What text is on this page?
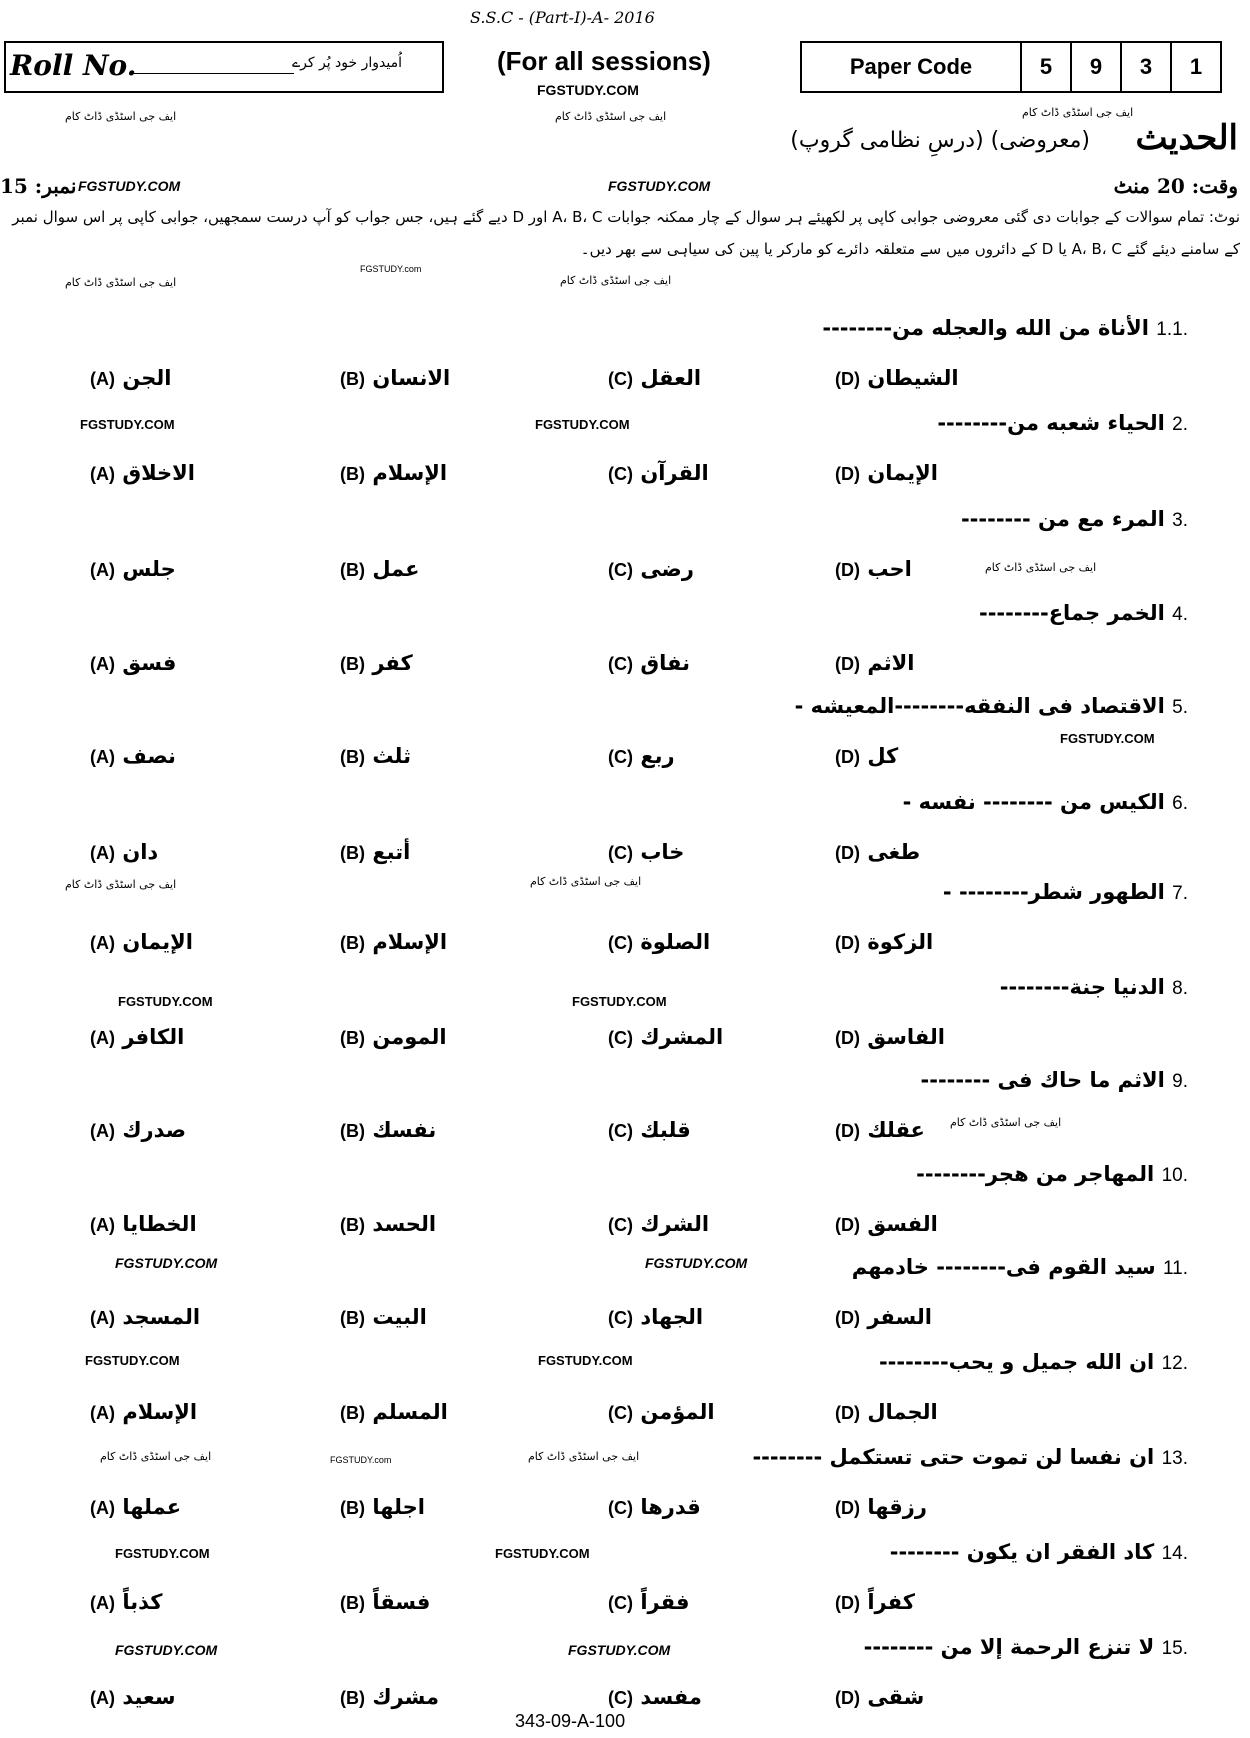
S.S.C - (Part-I)-A- 2016
Roll No.	اُمیدوار خود پُر کرے	(For all sessions)
FGSTUDY.COM
Paper Code	5	9	3	1
ایف جی اسٹڈی ڈاٹ کام	ایف جی اسٹڈی ڈاٹ کام	ایف جی اسٹڈی ڈاٹ کام
الحدیث
(معروضی) (درسِ نظامی گروپ)
نمبر: 15 FGSTUDY.COM	FGSTUDY.COM	وقت: 20 منٹ
نوٹ: تمام سوالات کے جوابات دی گئی معروضی جوابی کاپی پر لکھیئے ہر سوال کے چار ممکنہ جوابات A، B، C اور D دیے گئے ہیں، جس جواب کو آپ درست سمجھیں، جوابی کاپی پر اس سوال نمبر
کے سامنے دیئے گئے A، B، C یا D کے دائروں میں سے متعلقہ دائرے کو مارکر یا پین کی سیاہی سے بھر دیں۔
ایف جی اسٹڈی ڈاٹ کام
FGSTUDY.com
ایف جی اسٹڈی ڈاٹ کام
.1.1 الأناة من الله والعجله من--------
الجن (A)	الانسان (B)	العقل (C)	الشيطان (D)
.2 الحياء شعبه من--------
الاخلاق (A)	الإسلام (B)	القرآن (C)	الإيمان (D)
.3 المرء مع من --------
جلس (A)	عمل (B)	رضى (C)	احب (D)
.4 الخمر جماع--------
فسق (A)	كفر (B)	نفاق (C)	الاثم (D)
.5 الاقتصاد فى النفقه--------المعيشه -
نصف (A)	ثلث (B)	ربع (C)	كل (D)
.6 الكيس من -------- نفسه -
دان (A)	أتبع (B)	خاب (C)	طغى (D)
.7 الطهور شطر-------- -
الإيمان (A)	الإسلام (B)	الصلوة (C)	الزكوة (D)
.8 الدنيا جنة--------
الكافر (A)	المومن (B)	المشرك (C)	الفاسق (D)
.9 الاثم ما حاك فى --------
صدرك (A)	نفسك (B)	قلبك (C)	عقلك (D)
.10 المهاجر من هجر--------
الخطايا (A)	الحسد (B)	الشرك (C)	الفسق (D)
.11 سيد القوم فى-------- خادمهم
المسجد (A)	البيت (B)	الجهاد (C)	السفر (D)
.12 ان الله جميل و يحب--------
الإسلام (A)	المسلم (B)	المؤمن (C)	الجمال (D)
.13 ان نفسا لن تموت حتى تستكمل --------
عملها (A)	اجلها (B)	قدرها (C)	رزقها (D)
.14 كاد الفقر ان يكون --------
كذباً (A)	فسقاً (B)	فقراً (C)	كفراً (D)
.15 لا تنزع الرحمة إلا من --------
سعيد (A)	مشرك (B)	مفسد (C)	شقى (D)
FGSTUDY.COM	FGSTUDY.COM
FGSTUDY.COM
ایف جی اسٹڈی ڈاٹ کام
ایف جی اسٹڈی ڈاٹ کام	ایف جی اسٹڈی ڈاٹ کام
FGSTUDY.COM	FGSTUDY.COM
ایف جی اسٹڈی ڈاٹ کام
FGSTUDY.COM	FGSTUDY.COM
FGSTUDY.COM	FGSTUDY.COM
ایف جی اسٹڈی ڈاٹ کام	FGSTUDY.com	ایف جی اسٹڈی ڈاٹ کام
FGSTUDY.COM	FGSTUDY.COM
FGSTUDY.COM	FGSTUDY.COM
343-09-A-100
